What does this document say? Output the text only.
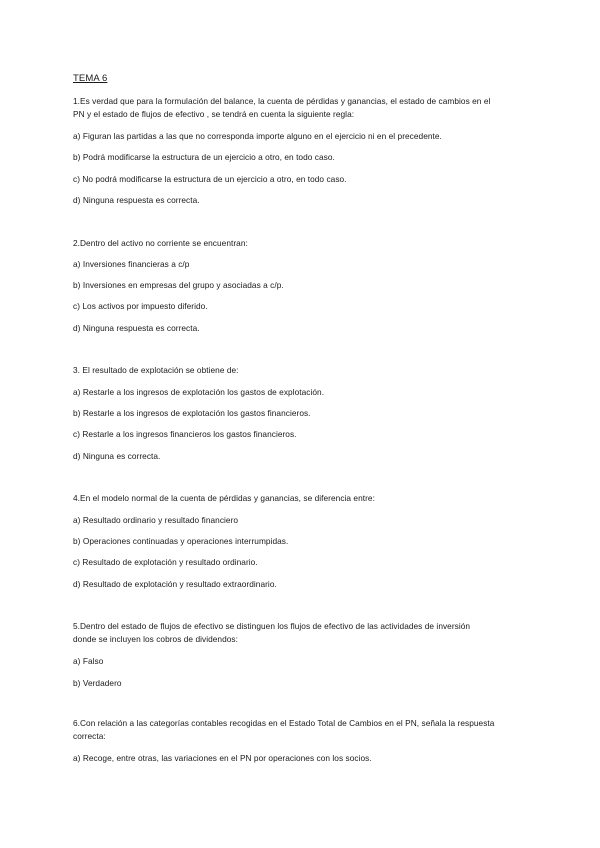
TEMA 6
1.Es verdad que para la formulación del balance, la cuenta de pérdidas y ganancias, el estado de cambios en el
PN y el estado de flujos de efectivo , se tendrá en cuenta la siguiente regla:
a) Figuran las partidas a las que no corresponda importe alguno en el ejercicio ni en el precedente.
b) Podrá modificarse la estructura de un ejercicio a otro, en todo caso.
c) No podrá modificarse la estructura de un ejercicio a otro, en todo caso.
d) Ninguna respuesta es correcta.
2.Dentro del activo no corriente se encuentran:
a) Inversiones financieras a c/p
b) Inversiones en empresas del grupo y asociadas a c/p.
c) Los activos por impuesto diferido.
d) Ninguna respuesta es correcta.
3. El resultado de explotación se obtiene de:
a) Restarle a los ingresos de explotación los gastos de explotación.
b) Restarle a los ingresos de explotación los gastos financieros.
c) Restarle a los ingresos financieros los gastos financieros.
d) Ninguna es correcta.
4.En el modelo normal de la cuenta de pérdidas y ganancias, se diferencia entre:
a) Resultado ordinario y resultado financiero
b) Operaciones continuadas y operaciones interrumpidas.
c) Resultado de explotación y resultado ordinario.
d) Resultado de explotación y resultado extraordinario.
5.Dentro del estado de flujos de efectivo se distinguen los flujos de efectivo de las actividades de inversión
donde se incluyen los cobros de dividendos:
a) Falso
b) Verdadero
6.Con relación a las categorías contables recogidas en el Estado Total de Cambios en el PN, señala la respuesta
correcta:
a) Recoge, entre otras, las variaciones en el PN por operaciones con los socios.
